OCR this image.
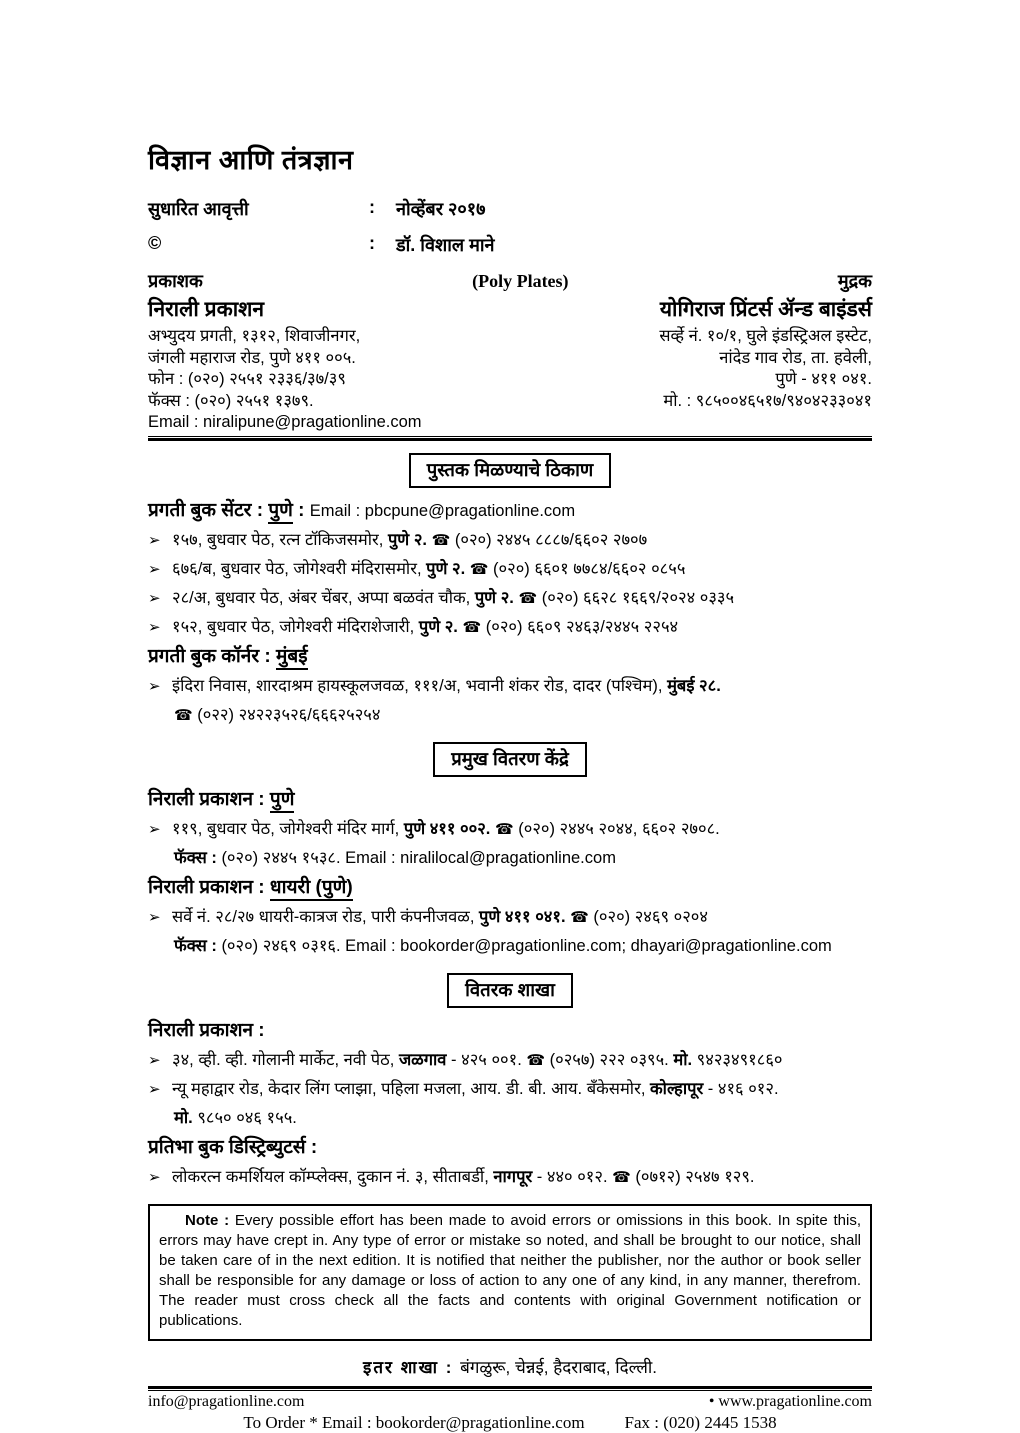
विज्ञान आणि तंत्रज्ञान
सुधारित आवृत्ती	:	नोव्हेंबर २०१७
©	:	डॉ. विशाल माने
प्रकाशक	(Poly Plates)	मुद्रक
निराली प्रकाशन	योगिराज प्रिंटर्स ॲन्ड बाइंडर्स
अभ्युदय प्रगती, १३१२, शिवाजीनगर,
जंगली महाराज रोड, पुणे ४११ ००५.
फोन : (०२०) २५५१ २३३६/३७/३९
फॅक्स : (०२०) २५५१ १३७९.
Email : niralipune@pragationline.com
सर्व्हे नं. १०/१, घुले इंडस्ट्रिअल इस्टेट,
नांदेड गाव रोड, ता. हवेली,
पुणे - ४११ ०४१.
मो. : ९८५००४६५१७/९४०४२३३०४१
पुस्तक मिळण्याचे ठिकाण
प्रगती बुक सेंटर : पुणे : Email : pbcpune@pragationline.com
➢ १५७, बुधवार पेठ, रत्न टॉकिजसमोर, पुणे २. ☎ (०२०) २४४५ ८८८७/६६०२ २७०७
➢ ६७६/ब, बुधवार पेठ, जोगेश्वरी मंदिरासमोर, पुणे २. ☎ (०२०) ६६०१ ७७८४/६६०२ ०८५५
➢ २८/अ, बुधवार पेठ, अंबर चेंबर, अप्पा बळवंत चौक, पुणे २. ☎ (०२०) ६६२८ १६६९/२०२४ ०३३५
➢ १५२, बुधवार पेठ, जोगेश्वरी मंदिराशेजारी, पुणे २. ☎ (०२०) ६६०९ २४६३/२४४५ २२५४
प्रगती बुक कॉर्नर : मुंबई
➢ इंदिरा निवास, शारदाश्रम हायस्कूलजवळ, १११/अ, भवानी शंकर रोड, दादर (पश्चिम), मुंबई २८.
☎ (०२२) २४२२३५२६/६६६२५२५४
प्रमुख वितरण केंद्रे
निराली प्रकाशन : पुणे
➢ ११९, बुधवार पेठ, जोगेश्वरी मंदिर मार्ग, पुणे ४११ ००२. ☎ (०२०) २४४५ २०४४, ६६०२ २७०८.
फॅक्स : (०२०) २४४५ १५३८. Email : niralilocal@pragationline.com
निराली प्रकाशन : धायरी (पुणे)
➢ सर्वे नं. २८/२७ धायरी-कात्रज रोड, पारी कंपनीजवळ, पुणे ४११ ०४१. ☎ (०२०) २४६९ ०२०४
फॅक्स : (०२०) २४६९ ०३१६. Email : bookorder@pragationline.com; dhayari@pragationline.com
वितरक शाखा
निराली प्रकाशन :
➢ ३४, व्ही. व्ही. गोलानी मार्केट, नवी पेठ, जळगाव - ४२५ ००१. ☎ (०२५७) २२२ ०३९५. मो. ९४२३४९१८६०
➢ न्यू महाद्वार रोड, केदार लिंग प्लाझा, पहिला मजला, आय. डी. बी. आय. बँकेसमोर, कोल्हापूर - ४१६ ०१२.
मो. ९८५० ०४६ १५५.
प्रतिभा बुक डिस्ट्रिब्युटर्स :
➢ लोकरत्न कमर्शियल कॉम्प्लेक्स, दुकान नं. ३, सीताबर्डी, नागपूर - ४४० ०१२. ☎ (०७१२) २५४७ १२९.
Note : Every possible effort has been made to avoid errors or omissions in this book. In spite this, errors may have crept in. Any type of error or mistake so noted, and shall be brought to our notice, shall be taken care of in the next edition. It is notified that neither the publisher, nor the author or book seller shall be responsible for any damage or loss of action to any one of any kind, in any manner, therefrom. The reader must cross check all the facts and contents with original Government notification or publications.
इतर शाखा : बंगळुरू, चेन्नई, हैदराबाद, दिल्ली.
info@pragationline.com	• www.pragationline.com
To Order * Email : bookorder@pragationline.com Fax : (020) 2445 1538
